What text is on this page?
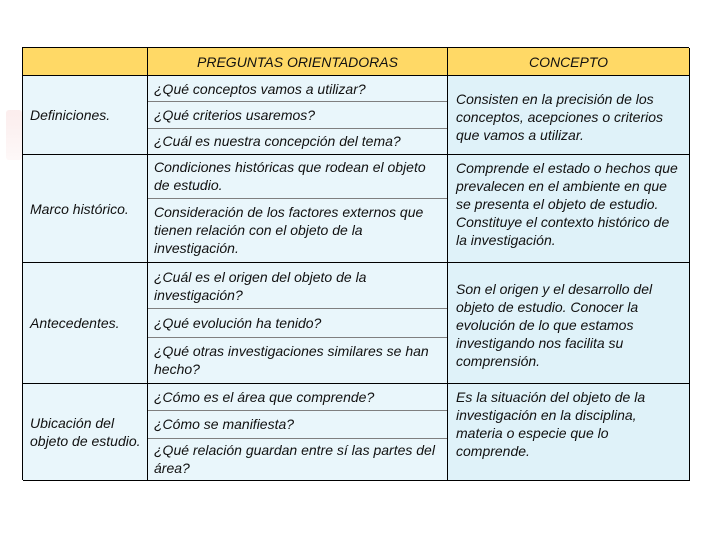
PREGUNTAS ORIENTADORAS	CONCEPTO
Definiciones.
¿Qué conceptos vamos a utilizar?
¿Qué criterios usaremos?
¿Cuál es nuestra concepción del tema?
Consisten en la precisión de los conceptos, acepciones o criterios que vamos a utilizar.
Marco histórico.
Condiciones históricas que rodean el objeto de estudio.
Consideración de los factores externos que tienen relación con el objeto de la investigación.
Comprende el estado o hechos que prevalecen en el ambiente en que se presenta el objeto de estudio. Constituye el contexto histórico de la investigación.
Antecedentes.
¿Cuál es el origen del objeto de la investigación?
¿Qué evolución ha tenido?
¿Qué otras investigaciones similares se han hecho?
Son el origen y el desarrollo del objeto de estudio. Conocer la evolución de lo que estamos investigando nos facilita su comprensión.
Ubicación del objeto de estudio.
¿Cómo es el área que comprende?
¿Cómo se manifiesta?
¿Qué relación guardan entre sí las partes del área?
Es la situación del objeto de la investigación en la disciplina, materia o especie que lo comprende.
